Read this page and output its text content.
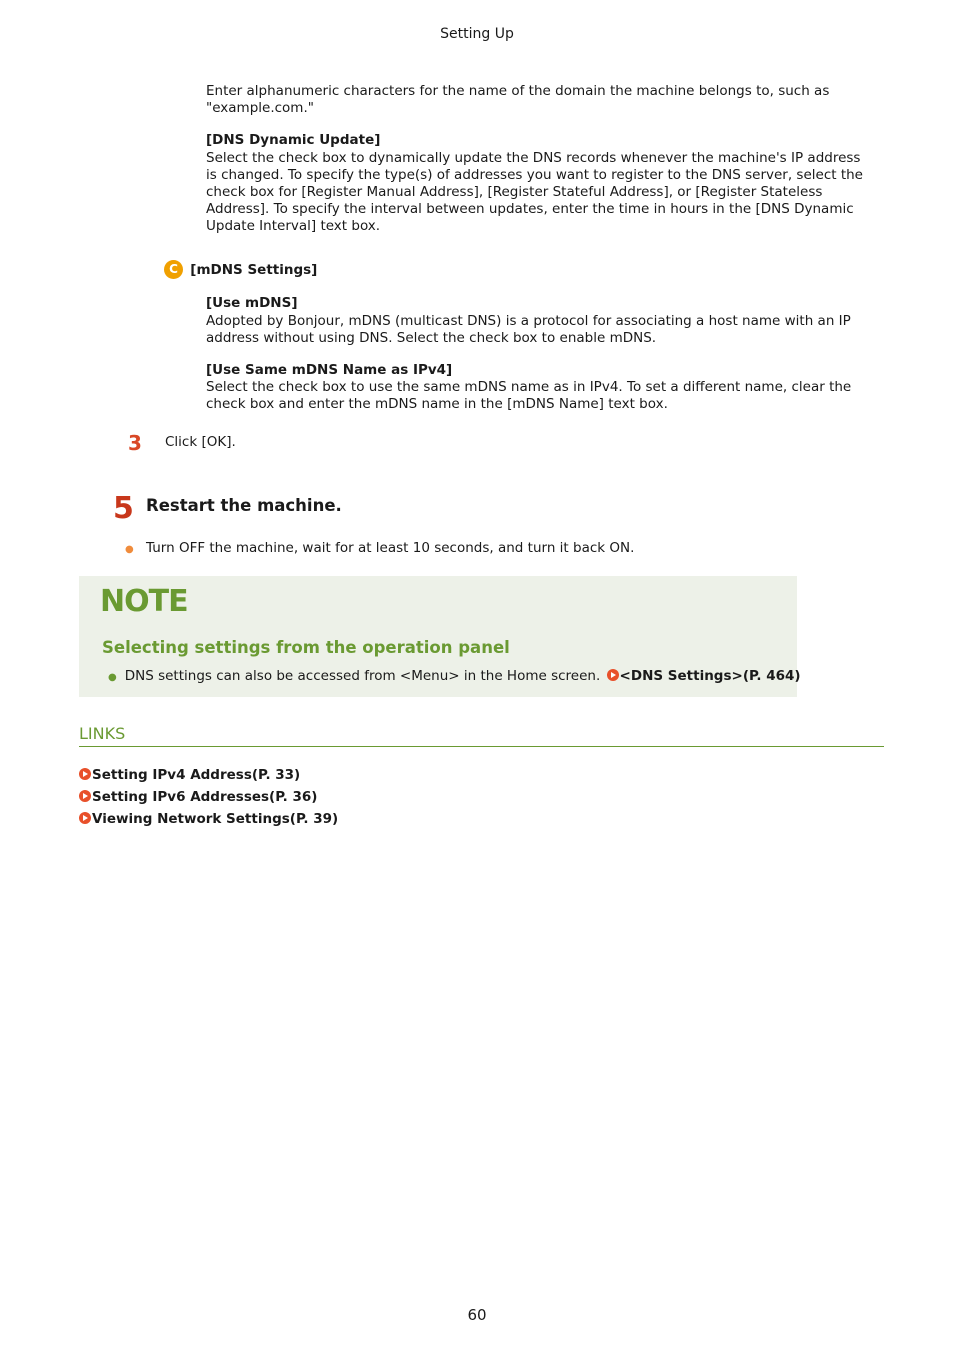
Setting Up
Enter alphanumeric characters for the name of the domain the machine belongs to, such as "example.com."
[DNS Dynamic Update]
Select the check box to dynamically update the DNS records whenever the machine's IP address is changed. To specify the type(s) of addresses you want to register to the DNS server, select the check box for [Register Manual Address], [Register Stateful Address], or [Register Stateless Address]. To specify the interval between updates, enter the time in hours in the [DNS Dynamic Update Interval] text box.
C [mDNS Settings]
[Use mDNS]
Adopted by Bonjour, mDNS (multicast DNS) is a protocol for associating a host name with an IP address without using DNS. Select the check box to enable mDNS.
[Use Same mDNS Name as IPv4]
Select the check box to use the same mDNS name as in IPv4. To set a different name, clear the check box and enter the mDNS name in the [mDNS Name] text box.
3 Click [OK].
5 Restart the machine.
● Turn OFF the machine, wait for at least 10 seconds, and turn it back ON.
NOTE
Selecting settings from the operation panel
● DNS settings can also be accessed from <Menu> in the Home screen. <DNS Settings>(P. 464)
LINKS
Setting IPv4 Address(P. 33)
Setting IPv6 Addresses(P. 36)
Viewing Network Settings(P. 39)
60
